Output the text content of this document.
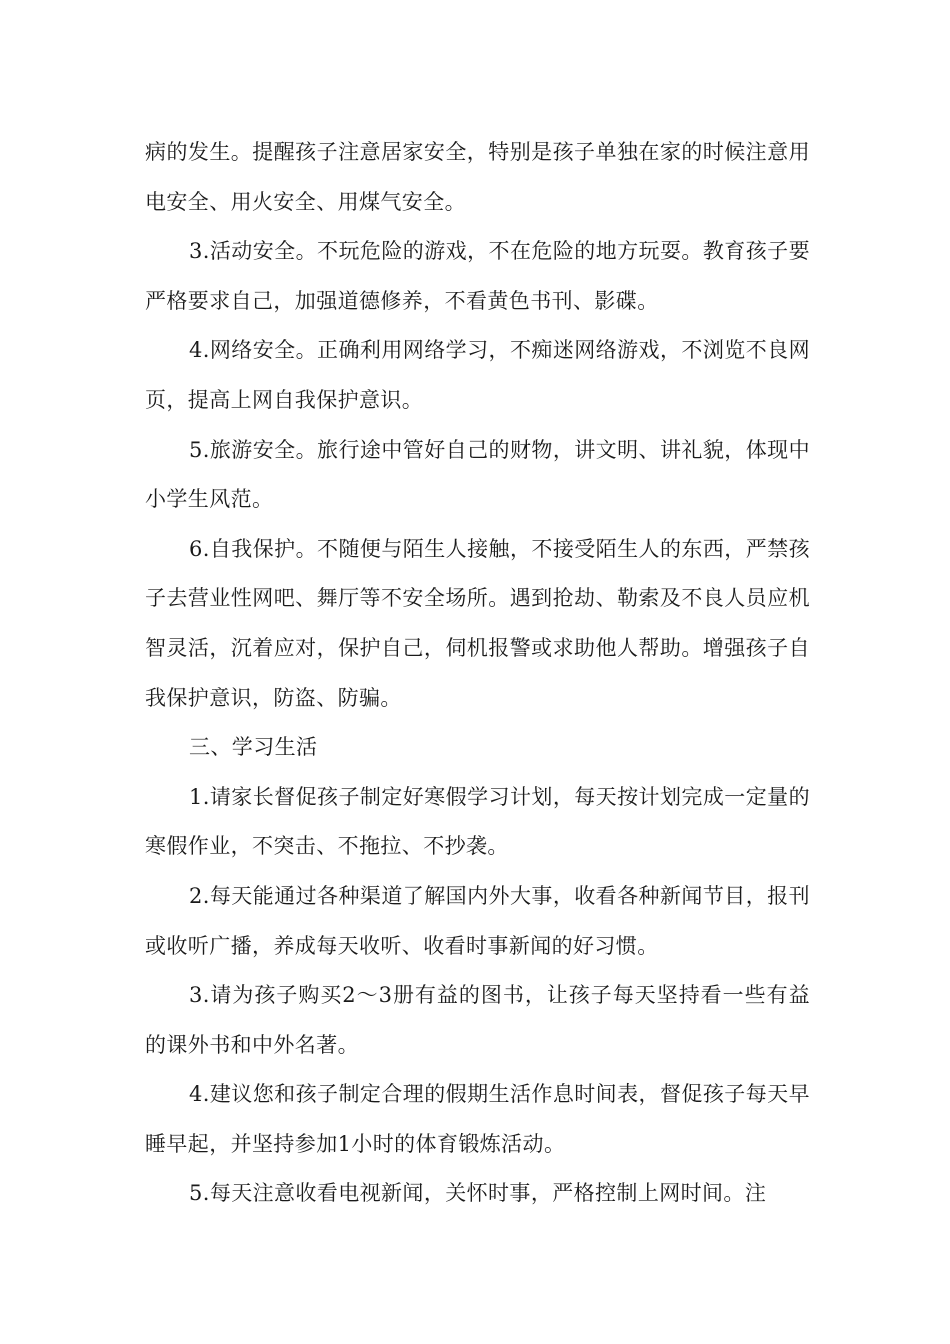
病的发生。提醒孩子注意居家安全，特别是孩子单独在家的时候注意用电安全、用火安全、用煤气安全。

3.活动安全。不玩危险的游戏，不在危险的地方玩耍。教育孩子要严格要求自己，加强道德修养，不看黄色书刊、影碟。

4.网络安全。正确利用网络学习，不痴迷网络游戏，不浏览不良网页，提高上网自我保护意识。

5.旅游安全。旅行途中管好自己的财物，讲文明、讲礼貌，体现中小学生风范。

6.自我保护。不随便与陌生人接触，不接受陌生人的东西，严禁孩子去营业性网吧、舞厅等不安全场所。遇到抢劫、勒索及不良人员应机智灵活，沉着应对，保护自己，伺机报警或求助他人帮助。增强孩子自我保护意识，防盗、防骗。

三、学习生活

1.请家长督促孩子制定好寒假学习计划，每天按计划完成一定量的寒假作业，不突击、不拖拉、不抄袭。

2.每天能通过各种渠道了解国内外大事，收看各种新闻节目，报刊或收听广播，养成每天收听、收看时事新闻的好习惯。

3.请为孩子购买2～3册有益的图书，让孩子每天坚持看一些有益的课外书和中外名著。

4.建议您和孩子制定合理的假期生活作息时间表，督促孩子每天早睡早起，并坚持参加1小时的体育锻炼活动。

5.每天注意收看电视新闻，关怀时事，严格控制上网时间。注
